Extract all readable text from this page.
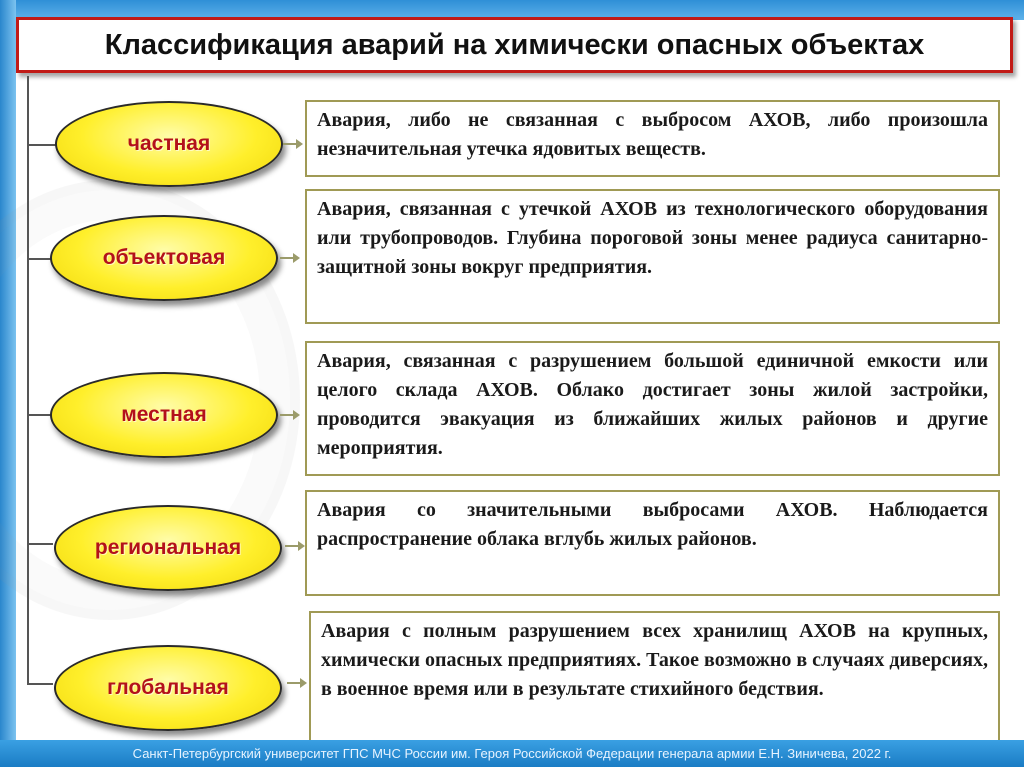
Классификация аварий на химически опасных объектах
частная
Авария, либо не связанная с выбросом АХОВ, либо произошла незначительная утечка ядовитых веществ.
объектовая
Авария, связанная с утечкой АХОВ из технологического оборудования или трубопроводов. Глубина пороговой зоны менее радиуса санитарно-защитной зоны вокруг предприятия.
местная
Авария, связанная с разрушением большой единичной емкости или целого склада АХОВ. Облако достигает зоны жилой застройки, проводится эвакуация из ближайших жилых районов и другие мероприятия.
региональная
Авария со значительными выбросами АХОВ. Наблюдается распространение облака вглубь жилых районов.
глобальная
Авария с полным разрушением всех хранилищ АХОВ на крупных, химически опасных предприятиях. Такое возможно в случаях диверсиях, в военное время или в результате стихийного бедствия.
Санкт-Петербургский университет ГПС МЧС России им. Героя Российской Федерации генерала армии Е.Н. Зиничева, 2022 г.
